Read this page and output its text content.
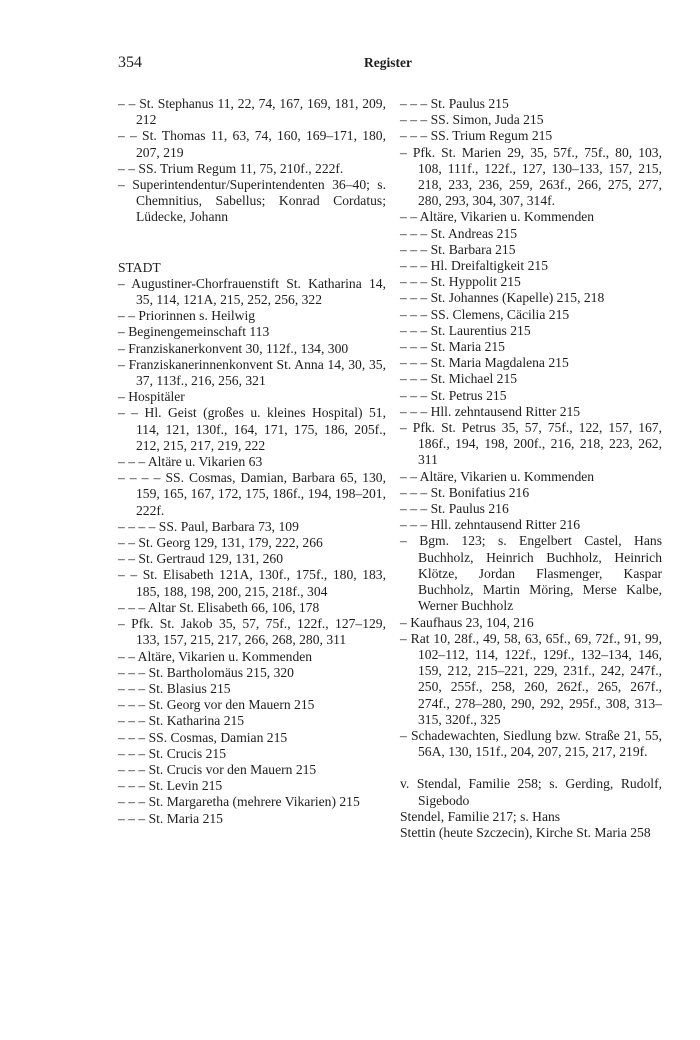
354	Register
– – St. Stephanus 11, 22, 74, 167, 169, 181, 209, 212
– – St. Thomas 11, 63, 74, 160, 169–171, 180, 207, 219
– – SS. Trium Regum 11, 75, 210f., 222f.
– Superintendentur/Superintendenten 36–40; s. Chemnitius, Sabellus; Konrad Cordatus; Lüdecke, Johann
STADT
– Augustiner-Chorfrauenstift St. Katharina 14, 35, 114, 121A, 215, 252, 256, 322
– – Priorinnen s. Heilwig
– Beginengemeinschaft 113
– Franziskanerkonvent 30, 112f., 134, 300
– Franziskanerinnenkonvent St. Anna 14, 30, 35, 37, 113f., 216, 256, 321
– Hospitäler
– – Hl. Geist (großes u. kleines Hospital) 51, 114, 121, 130f., 164, 171, 175, 186, 205f., 212, 215, 217, 219, 222
– – – Altäre u. Vikarien 63
– – – – SS. Cosmas, Damian, Barbara 65, 130, 159, 165, 167, 172, 175, 186f., 194, 198–201, 222f.
– – – – SS. Paul, Barbara 73, 109
– – St. Georg 129, 131, 179, 222, 266
– – St. Gertraud 129, 131, 260
– – St. Elisabeth 121A, 130f., 175f., 180, 183, 185, 188, 198, 200, 215, 218f., 304
– – – Altar St. Elisabeth 66, 106, 178
– Pfk. St. Jakob 35, 57, 75f., 122f., 127–129, 133, 157, 215, 217, 266, 268, 280, 311
– – Altäre, Vikarien u. Kommenden
– – – St. Bartholomäus 215, 320
– – – St. Blasius 215
– – – St. Georg vor den Mauern 215
– – – St. Katharina 215
– – – SS. Cosmas, Damian 215
– – – St. Crucis 215
– – – St. Crucis vor den Mauern 215
– – – St. Levin 215
– – – St. Margaretha (mehrere Vikarien) 215
– – – St. Maria 215
– – – St. Paulus 215
– – – SS. Simon, Juda 215
– – – SS. Trium Regum 215
– Pfk. St. Marien 29, 35, 57f., 75f., 80, 103, 108, 111f., 122f., 127, 130–133, 157, 215, 218, 233, 236, 259, 263f., 266, 275, 277, 280, 293, 304, 307, 314f.
– – Altäre, Vikarien u. Kommenden
– – – St. Andreas 215
– – – St. Barbara 215
– – – Hl. Dreifaltigkeit 215
– – – St. Hyppolit 215
– – – St. Johannes (Kapelle) 215, 218
– – – SS. Clemens, Cäcilia 215
– – – St. Laurentius 215
– – – St. Maria 215
– – – St. Maria Magdalena 215
– – – St. Michael 215
– – – St. Petrus 215
– – – Hll. zehntausend Ritter 215
– Pfk. St. Petrus 35, 57, 75f., 122, 157, 167, 186f., 194, 198, 200f., 216, 218, 223, 262, 311
– – Altäre, Vikarien u. Kommenden
– – – St. Bonifatius 216
– – – St. Paulus 216
– – – Hll. zehntausend Ritter 216
– Bgm. 123; s. Engelbert Castel, Hans Buchholz, Heinrich Buchholz, Heinrich Klötze, Jordan Flasmenger, Kaspar Buchholz, Martin Möring, Merse Kalbe, Werner Buchholz
– Kaufhaus 23, 104, 216
– Rat 10, 28f., 49, 58, 63, 65f., 69, 72f., 91, 99, 102–112, 114, 122f., 129f., 132–134, 146, 159, 212, 215–221, 229, 231f., 242, 247f., 250, 255f., 258, 260, 262f., 265, 267f., 274f., 278–280, 290, 292, 295f., 308, 313–315, 320f., 325
– Schadewachten, Siedlung bzw. Straße 21, 55, 56A, 130, 151f., 204, 207, 215, 217, 219f.
v. Stendal, Familie 258; s. Gerding, Rudolf, Sigebodo
Stendel, Familie 217; s. Hans
Stettin (heute Szczecin), Kirche St. Maria 258
